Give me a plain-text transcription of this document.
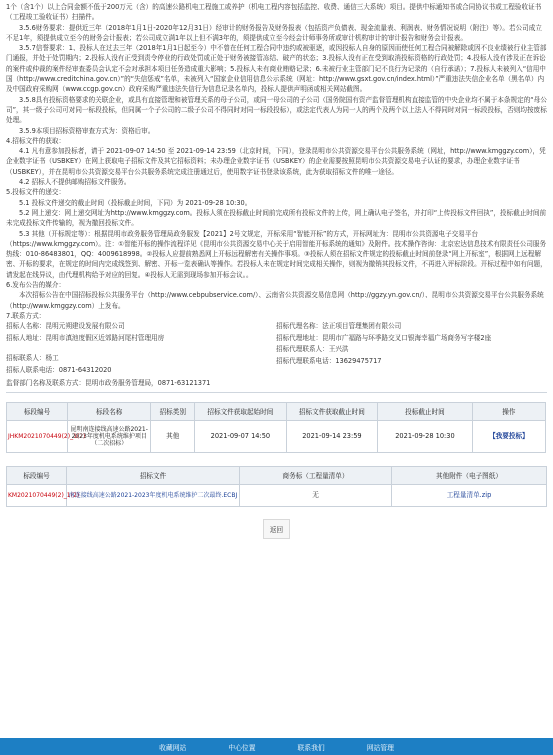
1个（含1个）以上合同金额不低于200万元（含）的高速公路机电工程施工或养护（机电工程内容包括监控、收费、通信三大系统）项目。提供中标通知书或合同协议书或工程验收证书（工程竣工验收证书）扫描件。

3.5.6财务要求：提供近三年（2018年1月1日-2020年12月31日）经审计的财务报告及财务报表（包括资产负债表、现金流量表、利润表、财务情况说明（附注）等）。若公司成立不足1年，须提供成立至今的财务会计报表；若公司成立满1年以上但不满3年的，须提供成立至今经会计师事务所或审计机构审计的审计报告和财务会计报表。

3.5.7信誉要求：1、投标人在过去三年（2018年1月1日起至今）中不曾在任何工程合同中违约或被驱逐，或因投标人自身的原因而使任何工程合同被解除或因不良业绩被行业主管部门通报，并处于处罚期内；2.投标人没有正受到责令停业的行政处罚或正处于财务被接管冻结、破产的状态；3.投标人没有正在受到取消投标资格的行政处罚；4.投标人没有涉及正在诉讼的案件或仲裁的案件经审查委员会认定不会对承担本项目任务造成重大影响；5.投标人未有商业贿赂记录；6.未被行业主管部门记不良行为记录的（自行承诺）；7.投标人未被列入“信用中国（http://www.creditchina.gov.cn）”的“失信惩戒”名单，未被列入“国家企业信用信息公示系统（网址：http://www.gsxt.gov.cn/index.html）”严重违法失信企业名单（黑名单）内及中国政府采购网（www.ccgp.gov.cn）政府采购严重违法失信行为信息记录名单内，投标人提供声明函或相关网站截图。

3.5.8具有投标资格要求的关联企业，或具有直接管理和被管理关系的母子公司，或同一母公司的子公司（国务院国有资产监督管理机构直接监管的中央企业均不属于本条规定的“母公司”，其一级子公司可对同一标段投标，但同属一个子公司的二级子公司不得同时对同一标段投标），或法定代表人为同一人的两个及两个以上法人不得同时对同一标段投标，否则均按废标处理。

3.5.9本项目招标资格审查方式为：资格后审。

4.招标文件的获取：

4.1 凡有意参加投标者，请于 2021-09-07 14:50 至 2021-09-14 23:59（北京时间，下同），登录昆明市公共资源交易平台公共服务系统（网址，http://www.kmggzy.com），凭企业数字证书（USBKEY）在网上获取电子招标文件及其它招标资料；未办理企业数字证书（USBKEY）的企业需要按照昆明市公共资源交易电子认证的要求，办理企业数字证书（USBKEY），并在昆明市公共资源交易平台公共服务系统完成注册通过后，使用数字证书登录该系统，此为获取招标文件的唯一途径。

4.2 招标人不提供邮购招标文件服务。

5.投标文件的递交：

5.1 投标文件递交的截止时间（投标截止时间，下同）为 2021-09-28 10:30。

5.2 网上递交：网上递交网址为http://www.kmggzy.com。投标人须在投标截止时间前完成所有投标文件的上传，网上确认电子签名，并打印“上传投标文件回执”，投标截止时间前未完成投标文件传输的，视为撤回投标文件。

5.3 其他（开标规定等）：根据昆明市政务服务管理局政务服发【2021】2号文规定，开标采用“智能开标”的方式，开标网址为：昆明市公共资源电子交易平台（https://www.kmggzy.com）。注：①智能开标的操作流程详见《昆明市公共资源交易中心关于启用智能开标系统的通知》及附件。技术操作咨询：北京宏达信息技术有限责任公司服务热线：010-86483801，QQ：4009618998。②投标人应提前熟悉网上开标远程解密有关操作事项。③投标人须在招标文件规定的投标截止时间前登录“网上开标室”，根据网上远程解密、开标的要求，在规定的时间内完成线签到、解密、开标一览表确认等操作。若投标人未在规定时间完成相关操作，则视为撤销其投标文件，不再进入评标阶段。开标过程中如有问题，请发起在线异议，由代理机构给予对应的回复。④投标人无需到现场参加开标会议。。

6.发布公告的媒介：

本次招标公告在中国招标投标公共服务平台（http://www.cebpubservice.com/）、云南省公共资源交易信息网（http://ggzy.yn.gov.cn/）、昆明市公共资源交易平台公共服务系统（http://www.kmggzy.com）上发布。

7.联系方式：

招标人名称：昆明元朔建设发展有限公司

招标人地址：昆明市滇池度假区近郊路河尾村管理用房

招标联系人：杨工

招标人联系电话：0871-64312020

招标代理名称：法正项目管理集团有限公司

招标代理地址：昆明市广福路与环季路交叉口银海幸福广场商务写字楼2座

招标代理联系人：王兴洪

招标代理联系电话：13629475717

监督部门名称及联系方式：昆明市政务服务管理局，0871-63121371

标段编号	标段名称	招标类别	招标文件获取起始时间	招标文件获取截止时间	投标截止时间	操作
JHKM2021070449(2)_1(2)	昆明南连接线高速公路2021-2023年度机电系统维护项目（二次招标）	其他	2021-09-07 14:50	2021-09-14 23:59	2021-09-28 10:30	【我要投标】
标段编号	招标文件	商务标（工程量清单）	其他附件（电子图纸）
KM2021070449(2)_1(2)	南连接线高速公路2021-2023年度机电系统维护二次最终.ECBJ	无	工程量清单.zip
返回
收藏网站	中心位置	联系我们	网站管理
